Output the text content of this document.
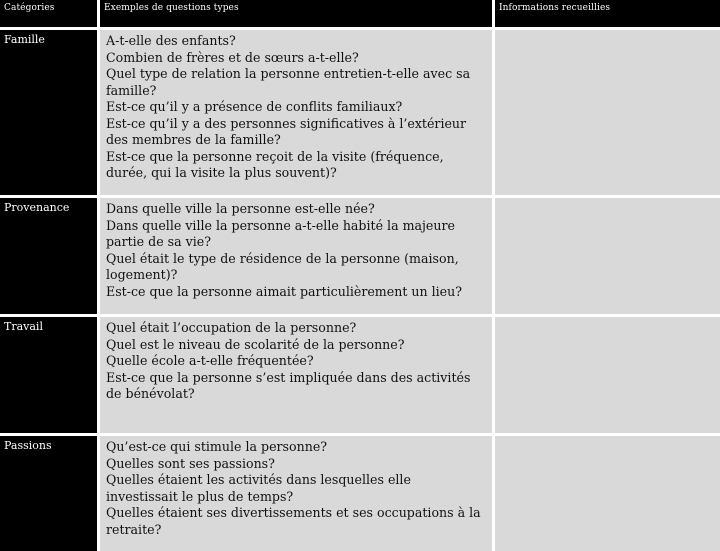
Catégories	Exemples de questions types	Informations recueillies
Famille	A-t-elle des enfants?
Combien de frères et de sœurs a-t-elle?
Quel type de relation la personne entretien-t-elle avec sa famille?
Est-ce qu’il y a présence de conflits familiaux?
Est-ce qu’il y a des personnes significatives à l’extérieur des membres de la famille?
Est-ce que la personne reçoit de la visite (fréquence, durée, qui la visite la plus souvent)?
Provenance	Dans quelle ville la personne est-elle née?
Dans quelle ville la personne a-t-elle habité la majeure partie de sa vie?
Quel était le type de résidence de la personne (maison, logement)?
Est-ce que la personne aimait particulièrement un lieu?
Travail	Quel était l’occupation de la personne?
Quel est le niveau de scolarité de la personne?
Quelle école a-t-elle fréquentée?
Est-ce que la personne s’est impliquée dans des activités de bénévolat?
Passions	Qu’est-ce qui stimule la personne?
Quelles sont ses passions?
Quelles étaient les activités dans lesquelles elle investissait le plus de temps?
Quelles étaient ses divertissements et ses occupations à la retraite?
